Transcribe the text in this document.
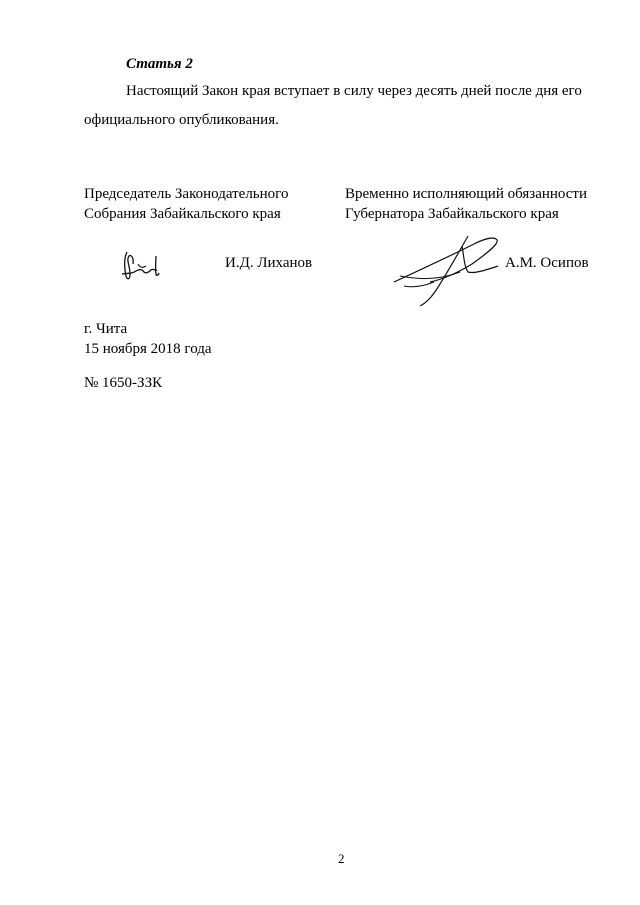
Статья 2
Настоящий Закон края вступает в силу через десять дней после дня его
официального опубликования.
Председатель Законодательного
Собрания Забайкальского края
Временно исполняющий обязанности
Губернатора Забайкальского края
И.Д. Лиханов	А.М. Осипов
г. Чита
15 ноября 2018 года
№ 1650-ЗЗК
2
